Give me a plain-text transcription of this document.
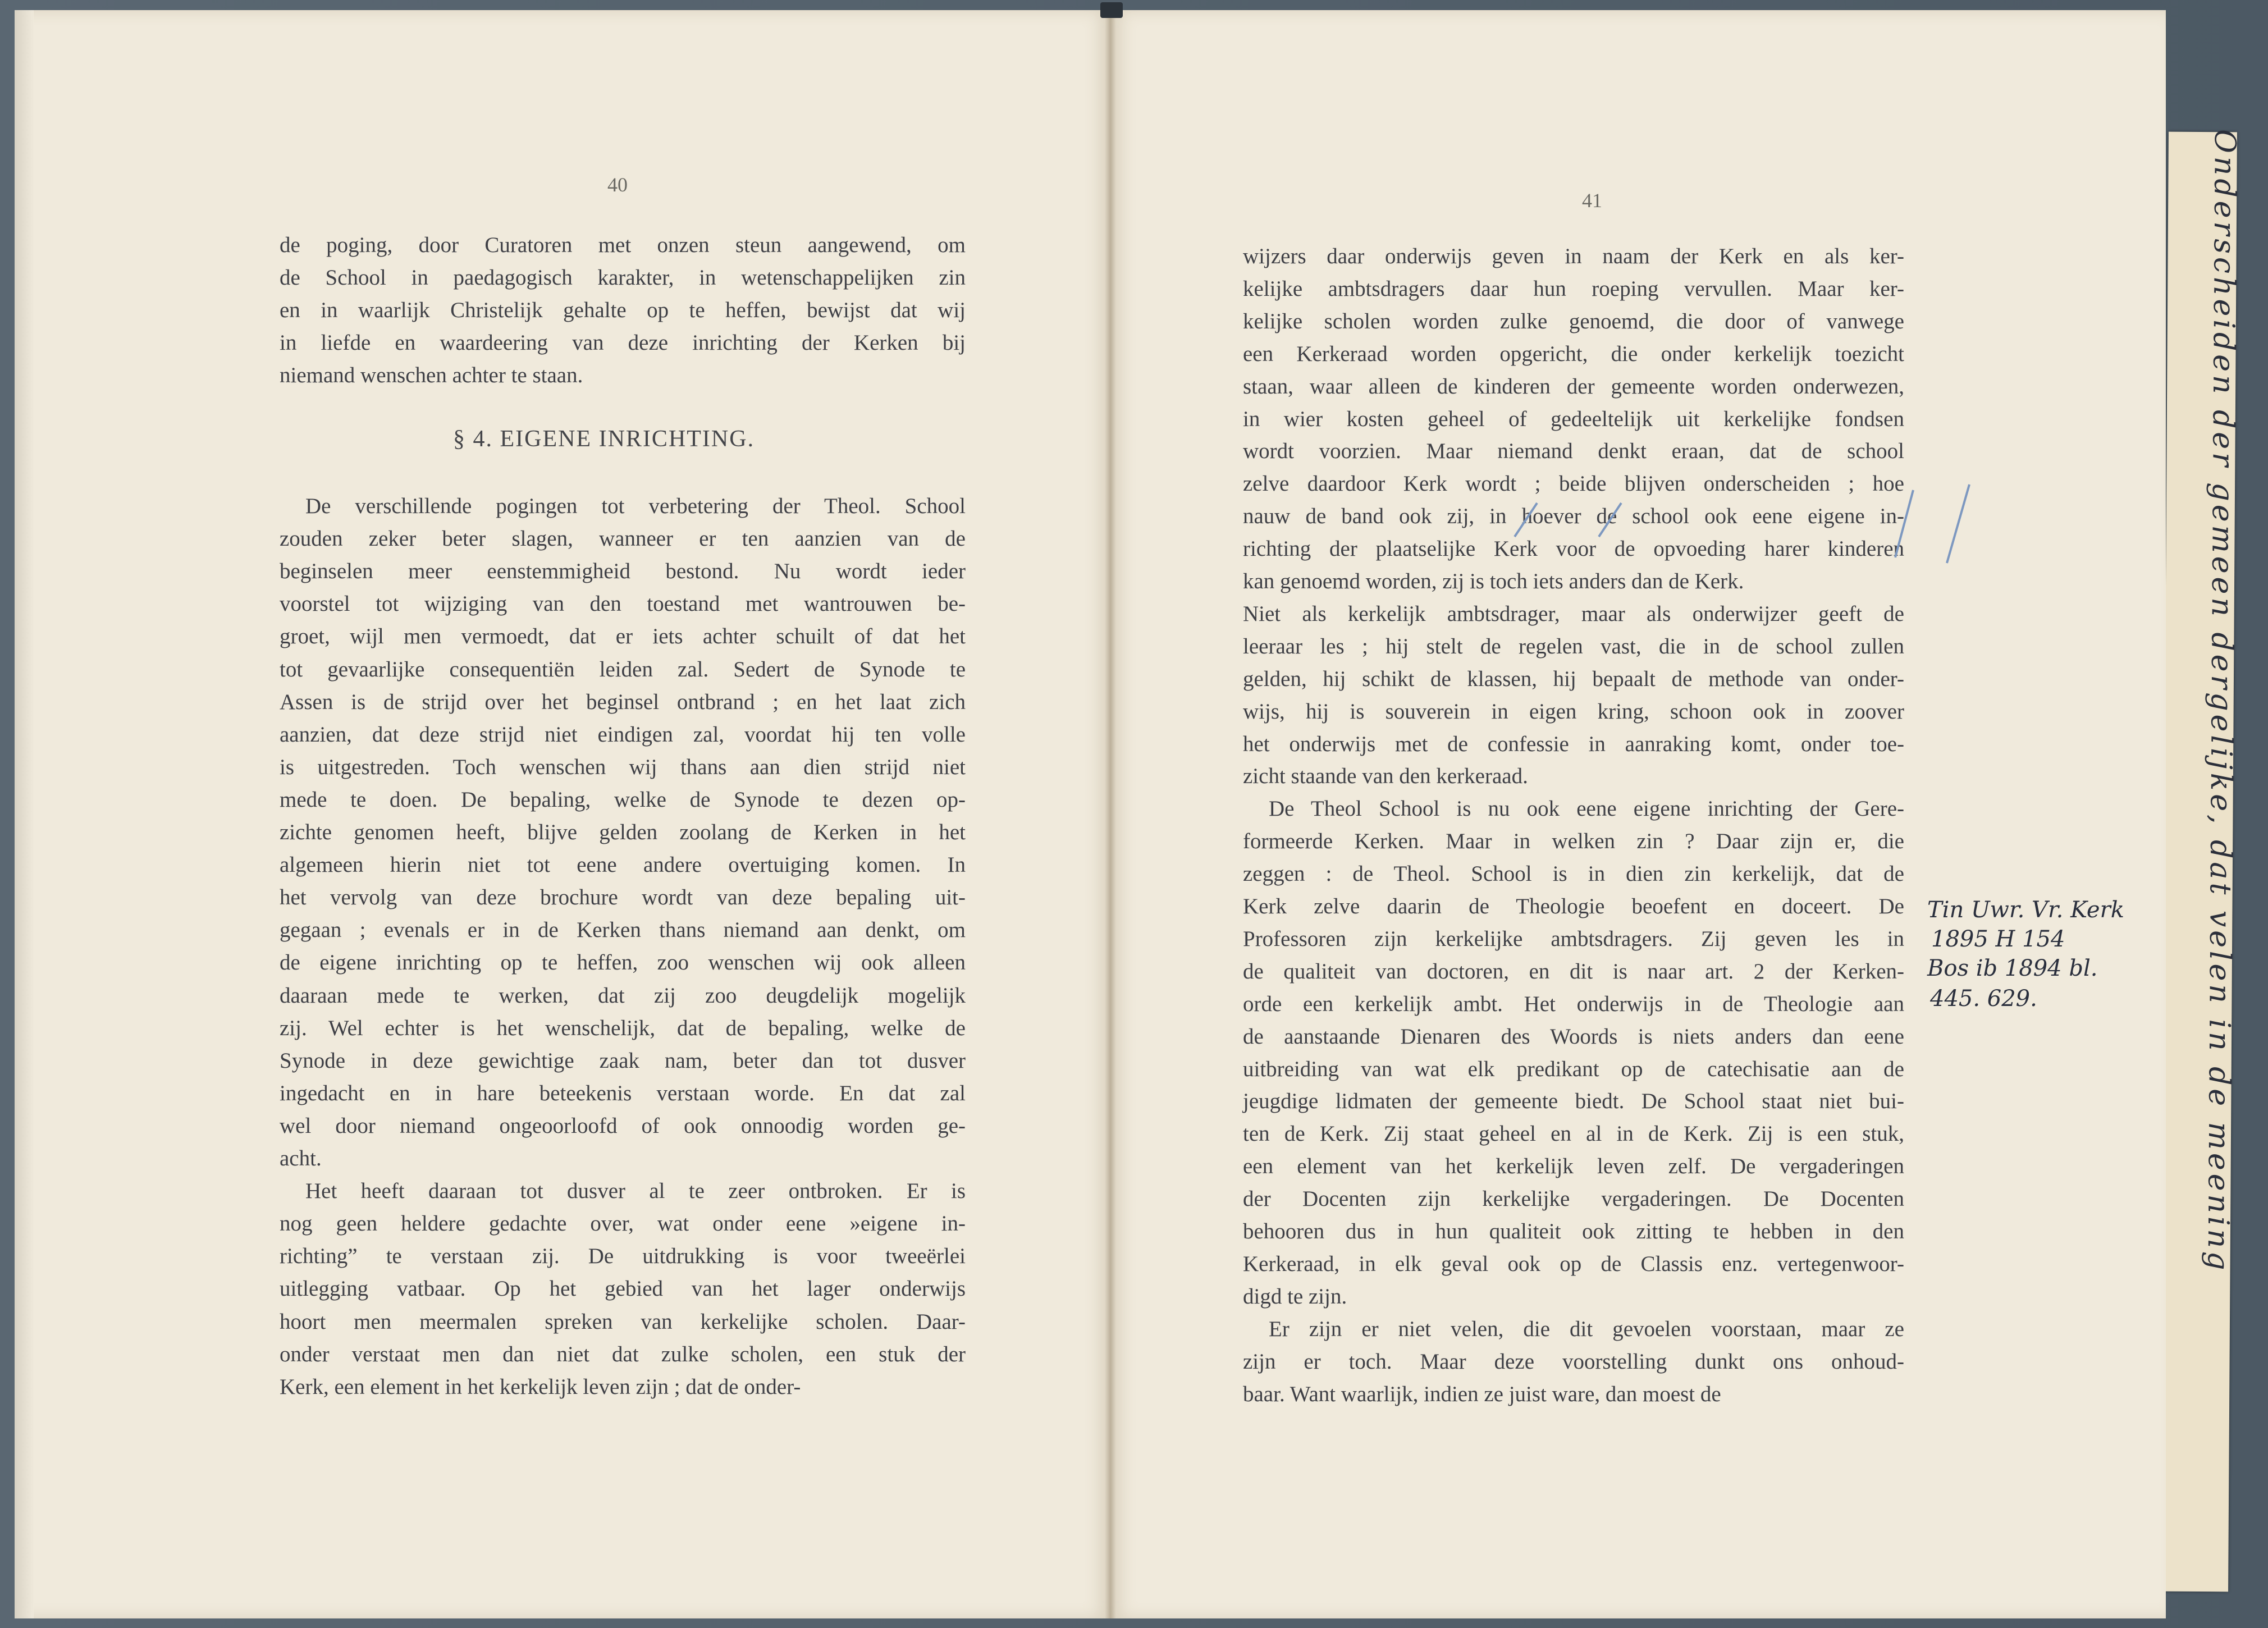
Onderscheiden der gemeen dergelijke, dat velen in de meening
40
§ 4. EIGENE INRICHTING.
de poging, door Curatoren met onzen steun aangewend, om
de School in paedagogisch karakter, in wetenschappelijken zin
en in waarlijk Christelijk gehalte op te heffen, bewijst dat wij
in liefde en waardeering van deze inrichting der Kerken bij
niemand wenschen achter te staan.
De verschillende pogingen tot verbetering der Theol. School
zouden zeker beter slagen, wanneer er ten aanzien van de
beginselen meer eenstemmigheid bestond. Nu wordt ieder
voorstel tot wijziging van den toestand met wantrouwen be-
groet, wijl men vermoedt, dat er iets achter schuilt of dat het
tot gevaarlijke consequentiën leiden zal. Sedert de Synode te
Assen is de strijd over het beginsel ontbrand ; en het laat zich
aanzien, dat deze strijd niet eindigen zal, voordat hij ten volle
is uitgestreden. Toch wenschen wij thans aan dien strijd niet
mede te doen. De bepaling, welke de Synode te dezen op-
zichte genomen heeft, blijve gelden zoolang de Kerken in het
algemeen hierin niet tot eene andere overtuiging komen. In
het vervolg van deze brochure wordt van deze bepaling uit-
gegaan ; evenals er in de Kerken thans niemand aan denkt, om
de eigene inrichting op te heffen, zoo wenschen wij ook alleen
daaraan mede te werken, dat zij zoo deugdelijk mogelijk
zij. Wel echter is het wenschelijk, dat de bepaling, welke de
Synode in deze gewichtige zaak nam, beter dan tot dusver
ingedacht en in hare beteekenis verstaan worde. En dat zal
wel door niemand ongeoorloofd of ook onnoodig worden ge-
acht.
Het heeft daaraan tot dusver al te zeer ontbroken. Er is
nog geen heldere gedachte over, wat onder eene »eigene in-
richting” te verstaan zij. De uitdrukking is voor tweeërlei
uitlegging vatbaar. Op het gebied van het lager onderwijs
hoort men meermalen spreken van kerkelijke scholen. Daar-
onder verstaat men dan niet dat zulke scholen, een stuk der
Kerk, een element in het kerkelijk leven zijn ; dat de onder-
41
wijzers daar onderwijs geven in naam der Kerk en als ker-
kelijke ambtsdragers daar hun roeping vervullen. Maar ker-
kelijke scholen worden zulke genoemd, die door of vanwege
een Kerkeraad worden opgericht, die onder kerkelijk toezicht
staan, waar alleen de kinderen der gemeente worden onderwezen,
in wier kosten geheel of gedeeltelijk uit kerkelijke fondsen
wordt voorzien. Maar niemand denkt eraan, dat de school
zelve daardoor Kerk wordt ; beide blijven onderscheiden ; hoe
nauw de band ook zij, in hoever de school ook eene eigene in-
richting der plaatselijke Kerk voor de opvoeding harer kinderen
kan genoemd worden, zij is toch iets anders dan de Kerk.
Niet als kerkelijk ambtsdrager, maar als onderwijzer geeft de
leeraar les ; hij stelt de regelen vast, die in de school zullen
gelden, hij schikt de klassen, hij bepaalt de methode van onder-
wijs, hij is souverein in eigen kring, schoon ook in zoover
het onderwijs met de confessie in aanraking komt, onder toe-
zicht staande van den kerkeraad.
De Theol School is nu ook eene eigene inrichting der Gere-
formeerde Kerken. Maar in welken zin ? Daar zijn er, die
zeggen : de Theol. School is in dien zin kerkelijk, dat de
Kerk zelve daarin de Theologie beoefent en doceert. De
Professoren zijn kerkelijke ambtsdragers. Zij geven les in
de qualiteit van doctoren, en dit is naar art. 2 der Kerken-
orde een kerkelijk ambt. Het onderwijs in de Theologie aan
de aanstaande Dienaren des Woords is niets anders dan eene
uitbreiding van wat elk predikant op de catechisatie aan de
jeugdige lidmaten der gemeente biedt. De School staat niet bui-
ten de Kerk. Zij staat geheel en al in de Kerk. Zij is een stuk,
een element van het kerkelijk leven zelf. De vergaderingen
der Docenten zijn kerkelijke vergaderingen. De Docenten
behooren dus in hun qualiteit ook zitting te hebben in den
Kerkeraad, in elk geval ook op de Classis enz. vertegenwoor-
digd te zijn.
Er zijn er niet velen, die dit gevoelen voorstaan, maar ze
zijn er toch. Maar deze voorstelling dunkt ons onhoud-
baar. Want waarlijk, indien ze juist ware, dan moest de
Tin Uwr. Vr. Kerk
1895 H 154
Bos ib 1894 bl.
445. 629.
